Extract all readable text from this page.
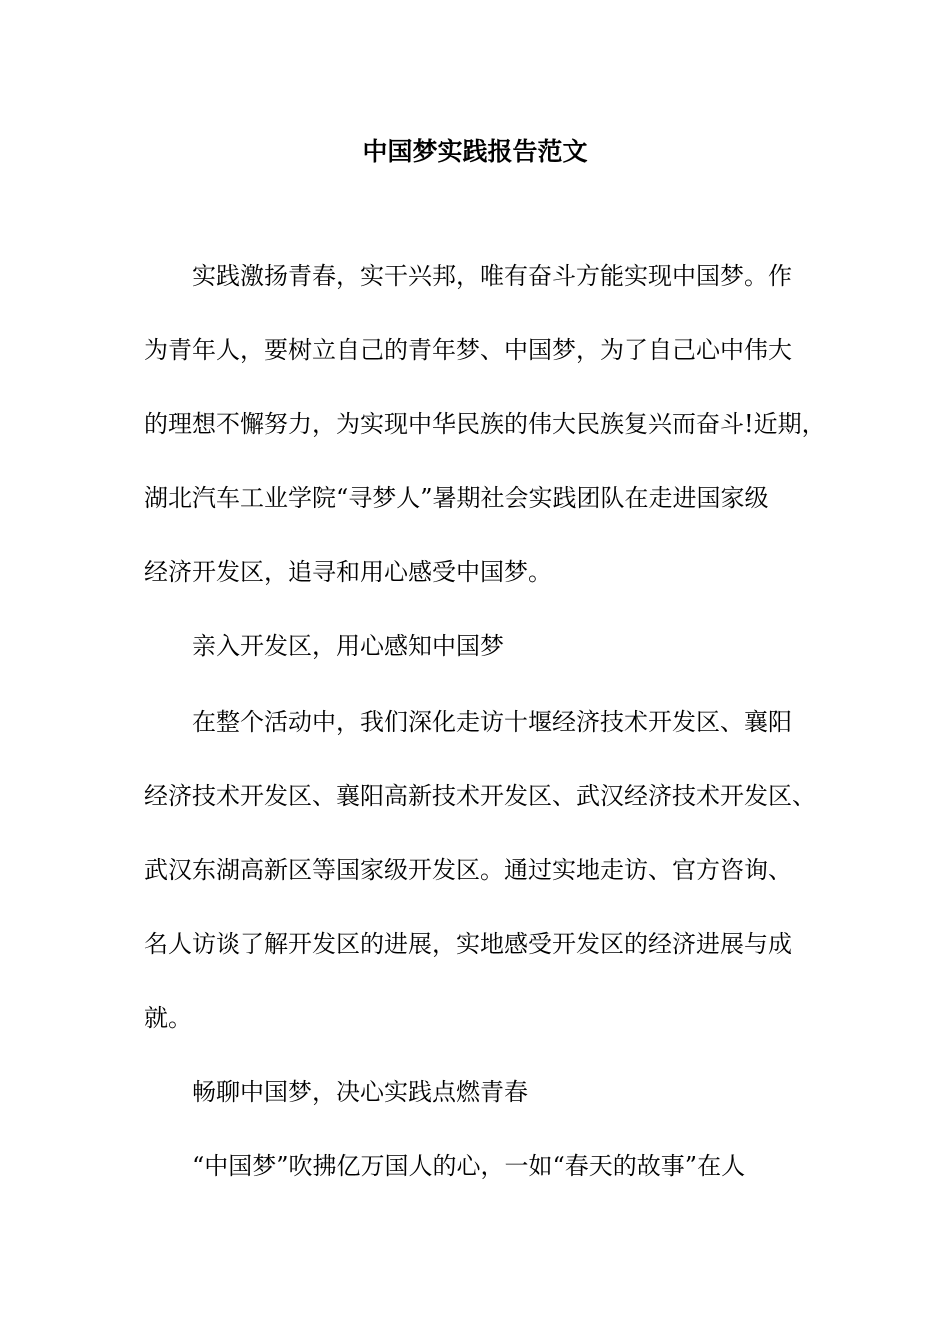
中国梦实践报告范文
实践激扬青春，实干兴邦，唯有奋斗方能实现中国梦。作
为青年人，要树立自己的青年梦、中国梦，为了自己心中伟大
的理想不懈努力，为实现中华民族的伟大民族复兴而奋斗!近期，
湖北汽车工业学院“寻梦人”暑期社会实践团队在走进国家级
经济开发区，追寻和用心感受中国梦。
亲入开发区，用心感知中国梦
在整个活动中，我们深化走访十堰经济技术开发区、襄阳
经济技术开发区、襄阳高新技术开发区、武汉经济技术开发区、
武汉东湖高新区等国家级开发区。通过实地走访、官方咨询、
名人访谈了解开发区的进展，实地感受开发区的经济进展与成
就。
畅聊中国梦，决心实践点燃青春
“中国梦”吹拂亿万国人的心，一如“春天的故事”在人
